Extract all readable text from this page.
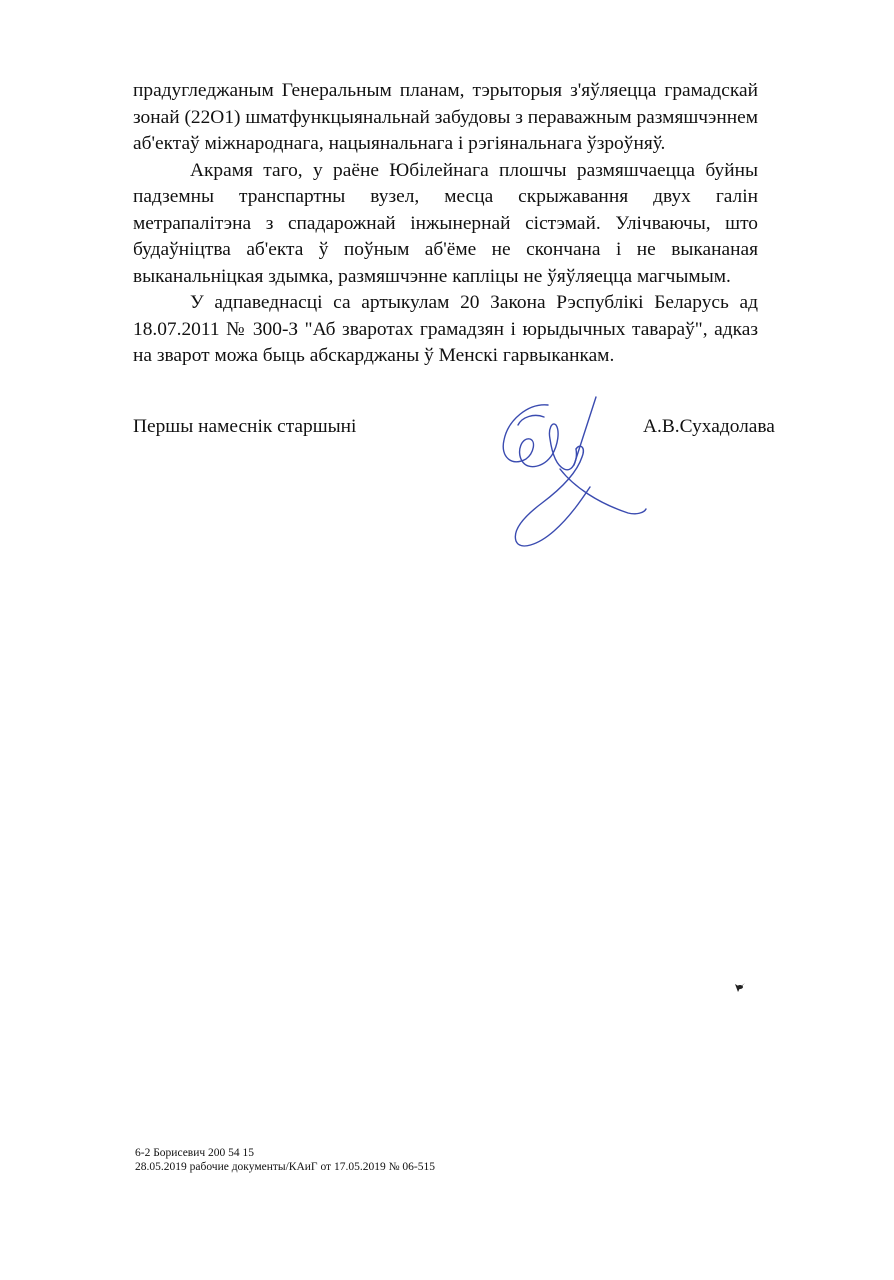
прадугледжаным Генеральным планам, тэрыторыя з'яўляецца грамадскай зонай (22О1) шматфункцыянальнай забудовы з пераважным размяшчэннем аб'ектаў міжнароднага, нацыянальнага і рэгіянальнага ўзроўняў.

Акрамя таго, у раёне Юбілейнага плошчы размяшчаецца буйны падземны транспартны вузел, месца скрыжавання двух галін метрапалітэна з спадарожнай інжынернай сістэмай. Улічваючы, што будаўніцтва аб'екта ў поўным аб'ёме не скончана і не выкананая выканальніцкая здымка, размяшчэнне капліцы не ўяўляецца магчымым.

У адпаведнасці са артыкулам 20 Закона Рэспублікі Беларусь ад 18.07.2011 № 300-З "Аб зваротах грамадзян і юрыдычных тавараў", адказ на зварот можа быць абскарджаны ў Менскі гарвыканкам.

Першы намеснік старшыні	А.В.Сухадолава
6-2 Борисевич 200 54 15
28.05.2019 рабочие документы/КАиГ от 17.05.2019 № 06-515
